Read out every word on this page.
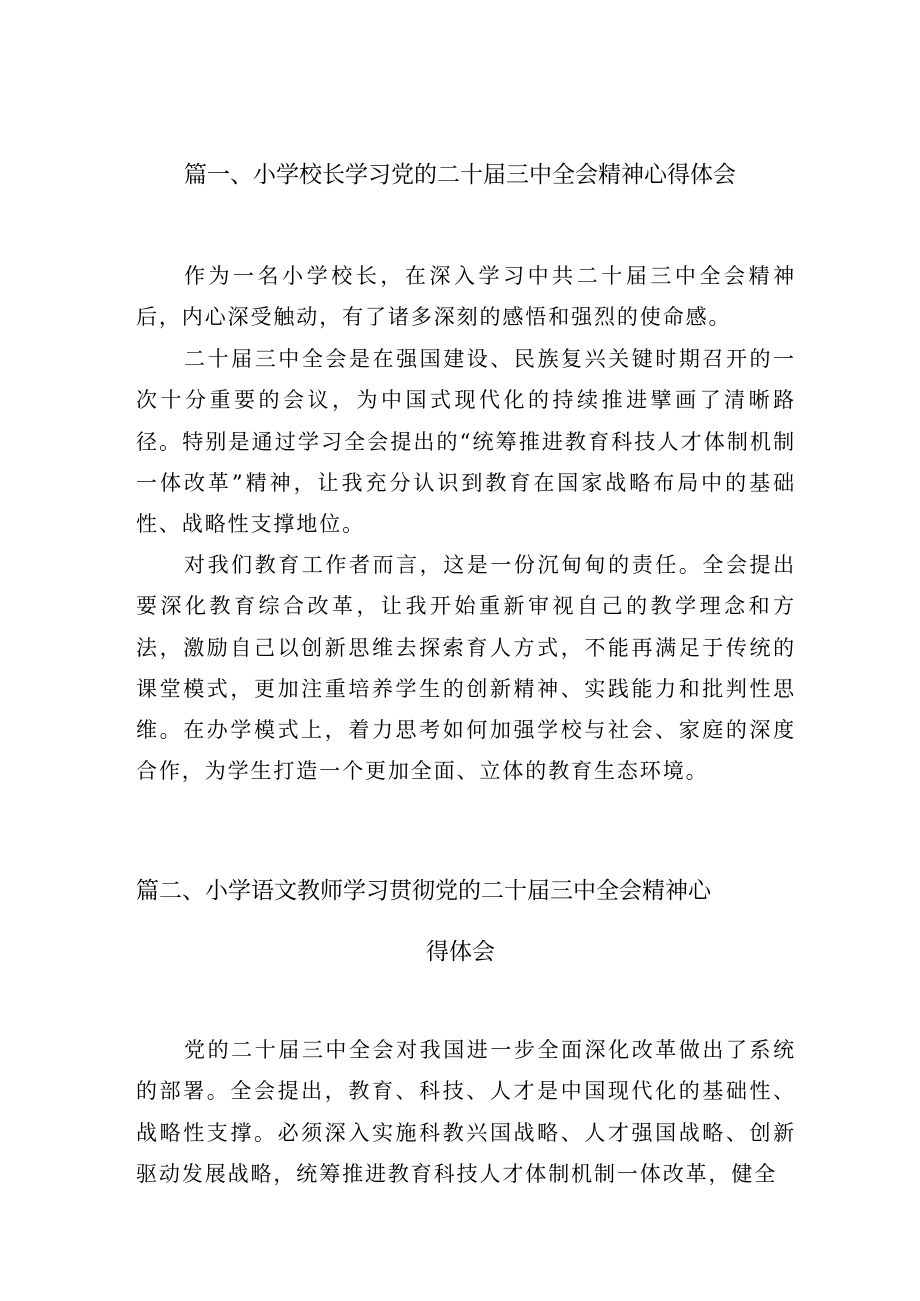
篇一、小学校长学习党的二十届三中全会精神心得体会

作为一名小学校长，在深入学习中共二十届三中全会精神后，内心深受触动，有了诸多深刻的感悟和强烈的使命感。

二十届三中全会是在强国建设、民族复兴关键时期召开的一次十分重要的会议，为中国式现代化的持续推进擘画了清晰路径。特别是通过学习全会提出的“统筹推进教育科技人才体制机制一体改革”精神，让我充分认识到教育在国家战略布局中的基础性、战略性支撑地位。

对我们教育工作者而言，这是一份沉甸甸的责任。全会提出要深化教育综合改革，让我开始重新审视自己的教学理念和方法，激励自己以创新思维去探索育人方式，不能再满足于传统的课堂模式，更加注重培养学生的创新精神、实践能力和批判性思维。在办学模式上，着力思考如何加强学校与社会、家庭的深度合作，为学生打造一个更加全面、立体的教育生态环境。

篇二、小学语文教师学习贯彻党的二十届三中全会精神心
得体会

党的二十届三中全会对我国进一步全面深化改革做出了系统的部署。全会提出，教育、科技、人才是中国现代化的基础性、战略性支撑。必须深入实施科教兴国战略、人才强国战略、创新驱动发展战略，统筹推进教育科技人才体制机制一体改革，健全
